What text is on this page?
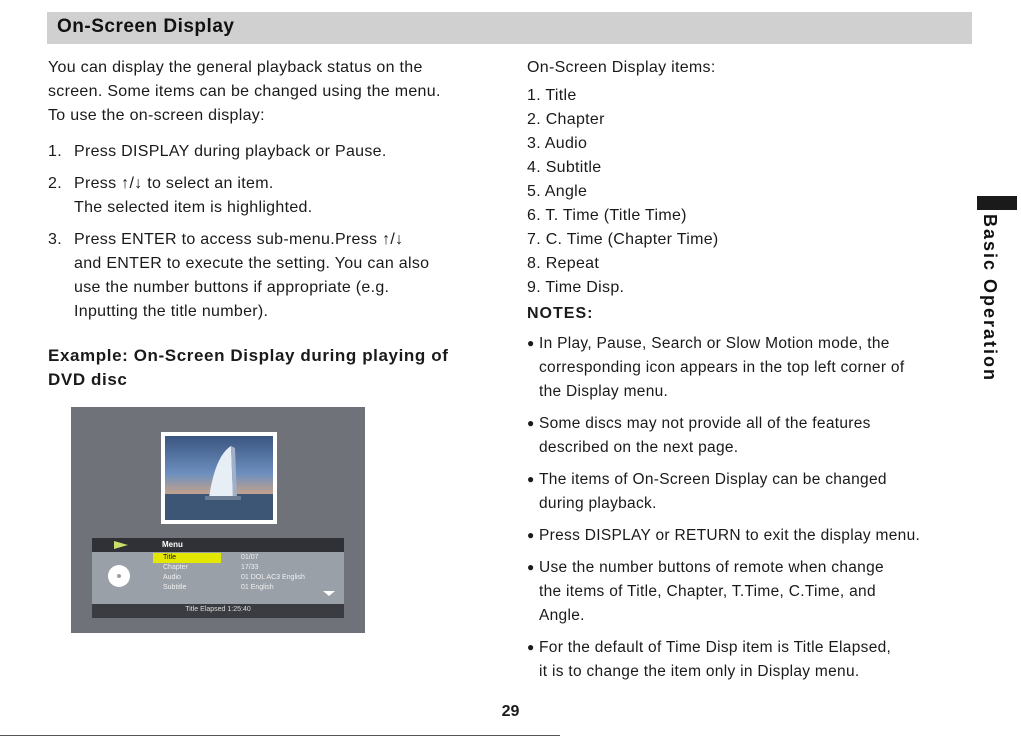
On-Screen Display
You can display the general playback status on the
screen. Some items can be changed using the menu.
To use the on-screen display:
1. Press DISPLAY during playback or Pause.
2. Press ↑/↓ to select an item.
The selected item is highlighted.
3. Press ENTER to access sub-menu.Press ↑/↓
and ENTER to execute the setting. You can also
use the number buttons if appropriate (e.g.
Inputting the title number).
Example: On-Screen Display during playing of
DVD disc
Menu
Title	01/07
Chapter	17/33
Audio	01 DOL AC3 English
Subtitle	01 English
Title Elapsed 1:25:40
On-Screen Display items:
1. Title
2. Chapter
3. Audio
4. Subtitle
5. Angle
6. T. Time (Title Time)
7. C. Time (Chapter Time)
8. Repeat
9. Time Disp.
NOTES:
● In Play, Pause, Search or Slow Motion mode, the
corresponding icon appears in the top left corner of
the Display menu.
● Some discs may not provide all of the features
described on the next page.
● The items of On-Screen Display can be changed
during playback.
● Press DISPLAY or RETURN to exit the display menu.
● Use the number buttons of remote when change
the items of Title, Chapter, T.Time, C.Time, and
Angle.
● For the default of Time Disp item is Title Elapsed,
it is to change the item only in Display menu.
Basic Operation
29
